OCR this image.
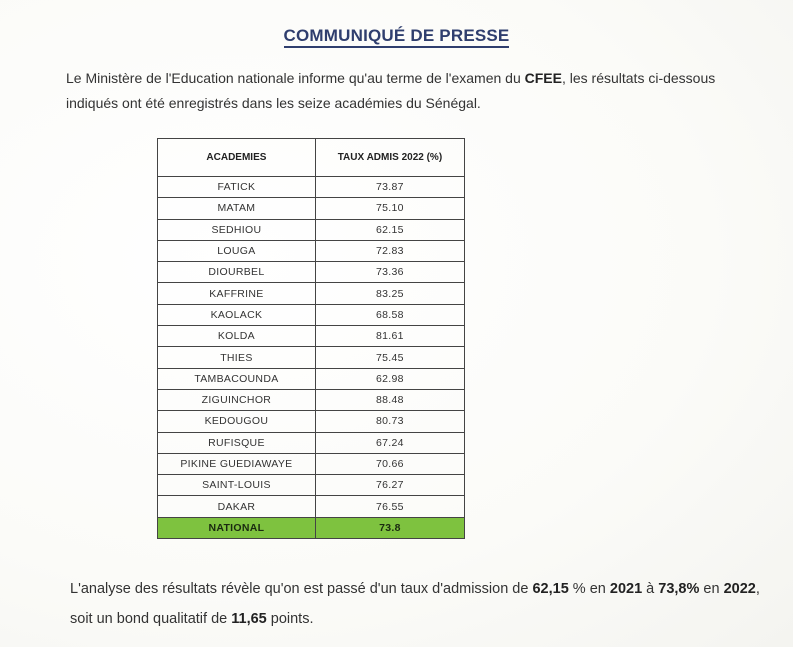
COMMUNIQUÉ DE PRESSE
Le Ministère de l'Education nationale informe qu'au terme de l'examen du CFEE, les résultats ci-dessous indiqués ont été enregistrés dans les seize académies du Sénégal.
ACADEMIES	TAUX ADMIS 2022 (%)
FATICK	73.87
MATAM	75.10
SEDHIOU	62.15
LOUGA	72.83
DIOURBEL	73.36
KAFFRINE	83.25
KAOLACK	68.58
KOLDA	81.61
THIES	75.45
TAMBACOUNDA	62.98
ZIGUINCHOR	88.48
KEDOUGOU	80.73
RUFISQUE	67.24
PIKINE GUEDIAWAYE	70.66
SAINT-LOUIS	76.27
DAKAR	76.55
NATIONAL	73.8
L'analyse des résultats révèle qu'on est passé d'un taux d'admission de 62,15 % en 2021 à 73,8% en 2022, soit un bond qualitatif de 11,65 points.
